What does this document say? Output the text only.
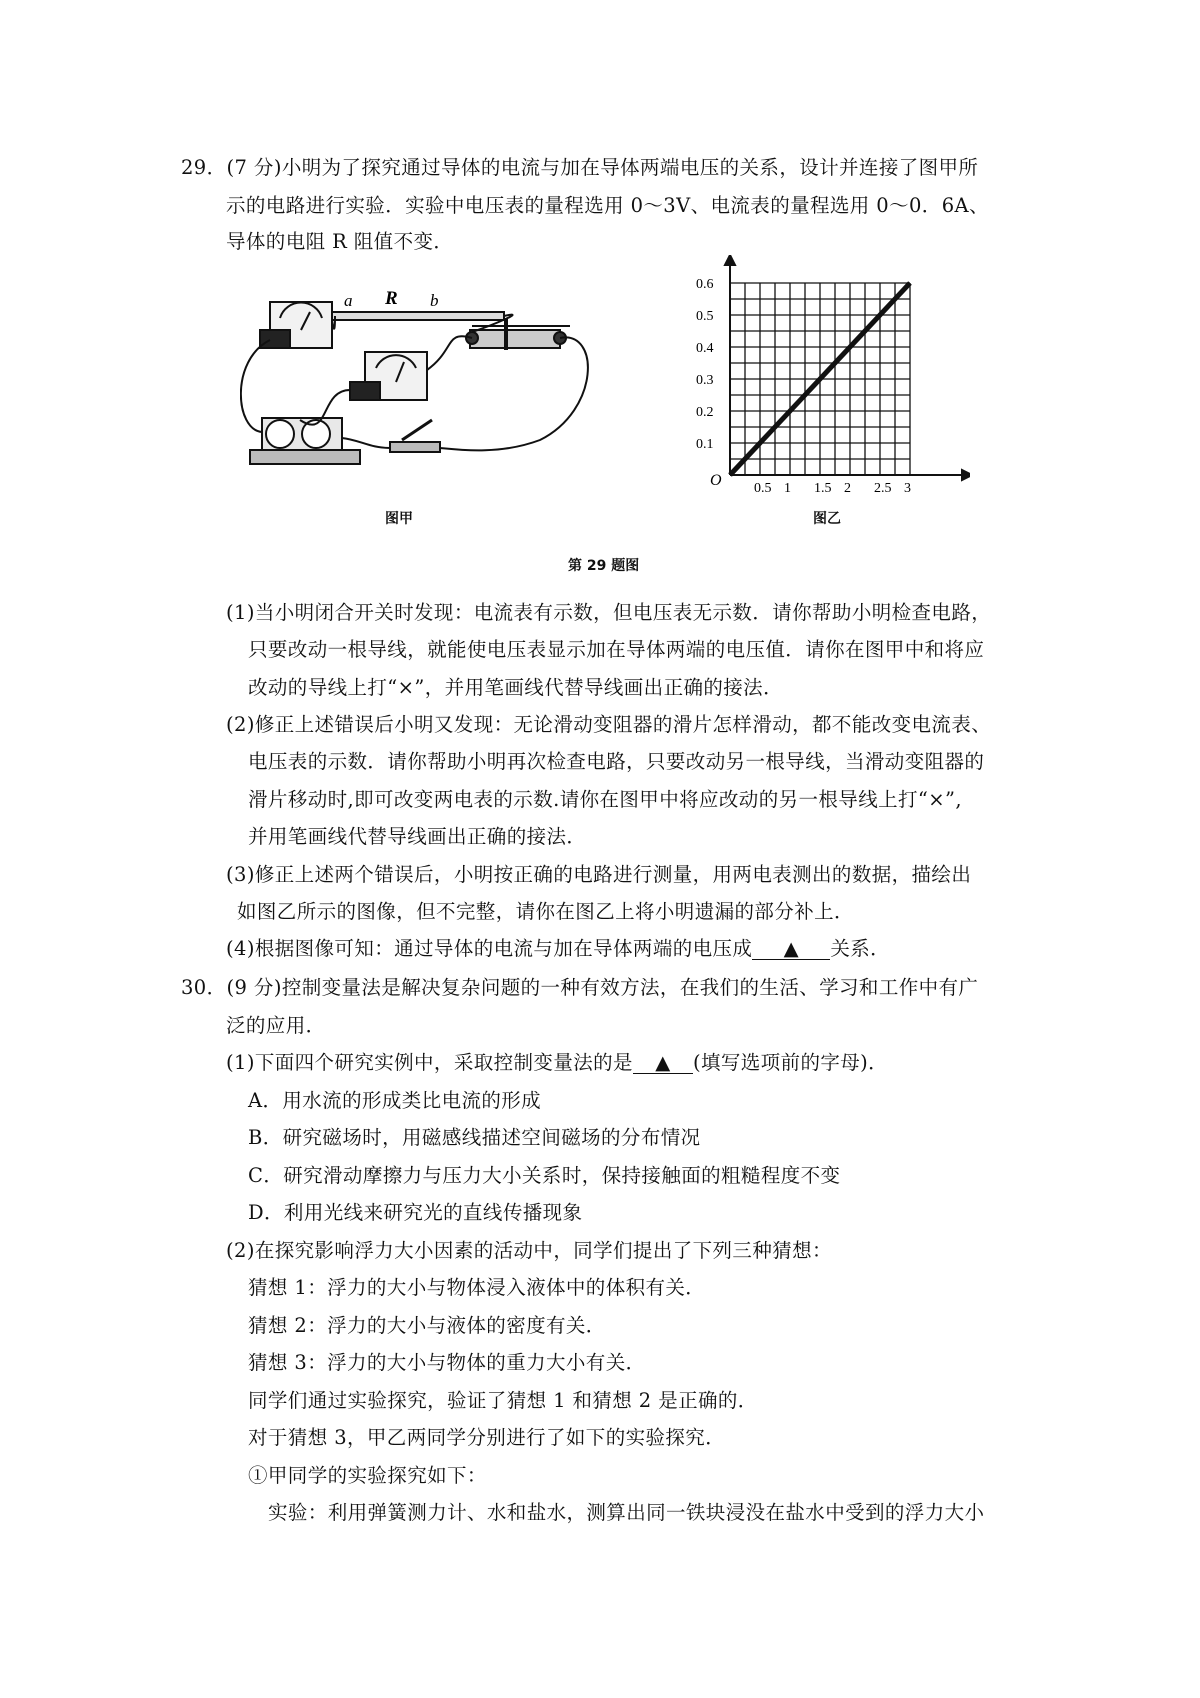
29．(7 分)小明为了探究通过导体的电流与加在导体两端电压的关系，设计并连接了图甲所
示的电路进行实验．实验中电压表的量程选用 0～3V、电流表的量程选用 0～0．6A、
导体的电阻 R 阻值不变．
a R b
图甲
0.5 1 1.5 2 2.5 3
0.1
0.2
0.3
0.4
0.5
0.6
O
图乙
第 29 题图
(1)当小明闭合开关时发现：电流表有示数，但电压表无示数．请你帮助小明检查电路，
只要改动一根导线，就能使电压表显示加在导体两端的电压值．请你在图甲中和将应
改动的导线上打“×”，并用笔画线代替导线画出正确的接法．
(2)修正上述错误后小明又发现：无论滑动变阻器的滑片怎样滑动，都不能改变电流表、
电压表的示数．请你帮助小明再次检查电路，只要改动另一根导线，当滑动变阻器的
滑片移动时,即可改变两电表的示数.请你在图甲中将应改动的另一根导线上打“×”,
并用笔画线代替导线画出正确的接法．
(3)修正上述两个错误后，小明按正确的电路进行测量，用两电表测出的数据，描绘出
如图乙所示的图像，但不完整，请你在图乙上将小明遗漏的部分补上．
(4)根据图像可知：通过导体的电流与加在导体两端的电压成 ▲ 关系．
30．(9 分)控制变量法是解决复杂问题的一种有效方法，在我们的生活、学习和工作中有广
泛的应用．
(1)下面四个研究实例中，采取控制变量法的是 ▲ (填写选项前的字母)．
A．用水流的形成类比电流的形成
B．研究磁场时，用磁感线描述空间磁场的分布情况
C．研究滑动摩擦力与压力大小关系时，保持接触面的粗糙程度不变
D．利用光线来研究光的直线传播现象
(2)在探究影响浮力大小因素的活动中，同学们提出了下列三种猜想：
猜想 1：浮力的大小与物体浸入液体中的体积有关．
猜想 2：浮力的大小与液体的密度有关．
猜想 3：浮力的大小与物体的重力大小有关．
同学们通过实验探究，验证了猜想 1 和猜想 2 是正确的．
对于猜想 3，甲乙两同学分别进行了如下的实验探究．
①甲同学的实验探究如下：
实验：利用弹簧测力计、水和盐水，测算出同一铁块浸没在盐水中受到的浮力大小
